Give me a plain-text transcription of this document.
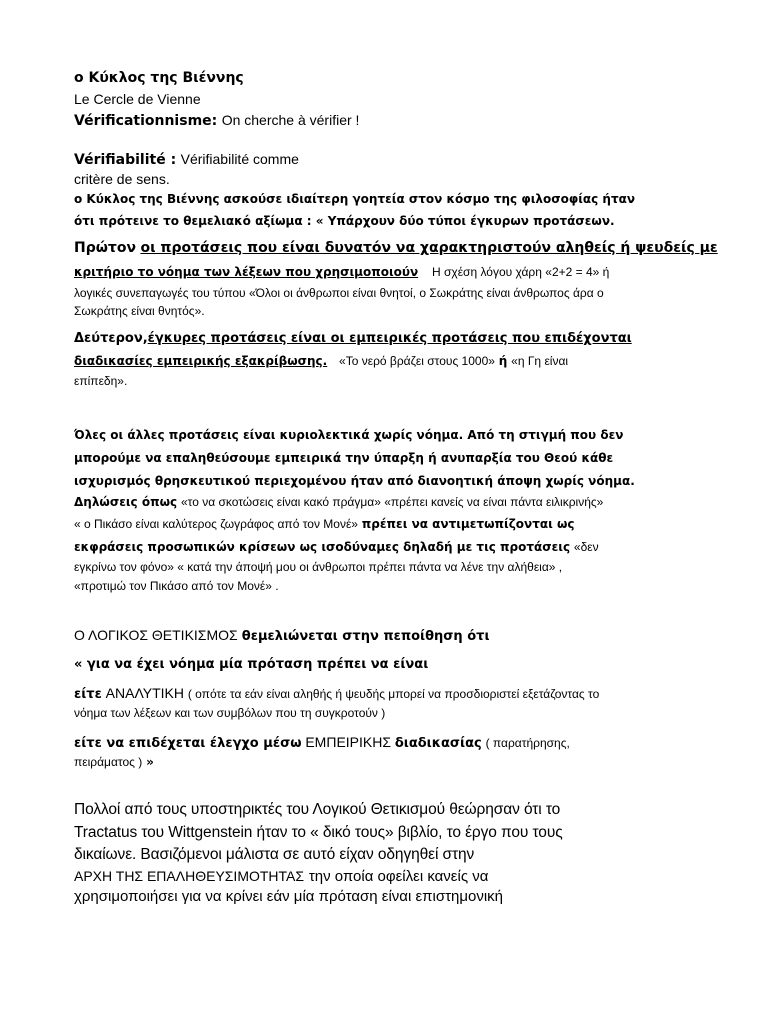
ο Κύκλος της Βιέννης
Le Cercle de Vienne
Vérificationnisme: On cherche à vérifier !
Vérifiabilité : Vérifiabilité comme
critère de sens.
ο Κύκλος της Βιέννης ασκούσε ιδιαίτερη γοητεία στον κόσμο της φιλοσοφίας ήταν
ότι πρότεινε το θεμελιακό αξίωμα : « Υπάρχουν δύο τύποι έγκυρων προτάσεων.
Πρώτον οι προτάσεις που είναι δυνατόν να χαρακτηριστούν αληθείς ή ψευδείς με
κριτήριο το νόημα των λέξεων που χρησιμοποιούν Η σχέση λόγου χάρη «2+2 = 4» ή
λογικές συνεπαγωγές του τύπου «Όλοι οι άνθρωποι είναι θνητοί, ο Σωκράτης είναι άνθρωπος άρα ο
Σωκράτης είναι θνητός».
Δεύτερον,έγκυρες προτάσεις είναι οι εμπειρικές προτάσεις που επιδέχονται
διαδικασίες εμπειρικής εξακρίβωσης. «Το νερό βράζει στους 1000» ή «η Γη είναι
επίπεδη».
Όλες οι άλλες προτάσεις είναι κυριολεκτικά χωρίς νόημα. Από τη στιγμή που δεν
μπορούμε να επαληθεύσουμε εμπειρικά την ύπαρξη ή ανυπαρξία του Θεού κάθε
ισχυρισμός θρησκευτικού περιεχομένου ήταν από διανοητική άποψη χωρίς νόημα.
Δηλώσεις όπως «το να σκοτώσεις είναι κακό πράγμα» «πρέπει κανείς να είναι πάντα ειλικρινής»
« ο Πικάσο είναι καλύτερος ζωγράφος από τον Μονέ» πρέπει να αντιμετωπίζονται ως
εκφράσεις προσωπικών κρίσεων ως ισοδύναμες δηλαδή με τις προτάσεις «δεν
εγκρίνω τον φόνο» « κατά την άποψή μου οι άνθρωποι πρέπει πάντα να λένε την αλήθεια» ,
«προτιμώ τον Πικάσο από τον Μονέ» .
Ο ΛΟΓΙΚΟΣ ΘΕΤΙΚΙΣΜΟΣ θεμελιώνεται στην πεποίθηση ότι
« για να έχει νόημα μία πρόταση πρέπει να είναι
είτε ΑΝΑΛΥΤΙΚΗ ( οπότε τα εάν είναι αληθής ή ψευδής μπορεί να προσδιοριστεί εξετάζοντας το
νόημα των λέξεων και των συμβόλων που τη συγκροτούν )
είτε να επιδέχεται έλεγχο μέσω ΕΜΠΕΙΡΙΚΗΣ διαδικασίας ( παρατήρησης,
πειράματος ) »
Πολλοί από τους υποστηρικτές του Λογικού Θετικισμού θεώρησαν ότι το
Tractatus του Wittgenstein ήταν το « δικό τους» βιβλίο, το έργο που τους
δικαίωνε. Βασιζόμενοι μάλιστα σε αυτό είχαν οδηγηθεί στην
ΑΡΧΗ ΤΗΣ ΕΠΑΛΗΘΕΥΣΙΜΟΤΗΤΑΣ την οποία οφείλει κανείς να
χρησιμοποιήσει για να κρίνει εάν μία πρόταση είναι επιστημονική
